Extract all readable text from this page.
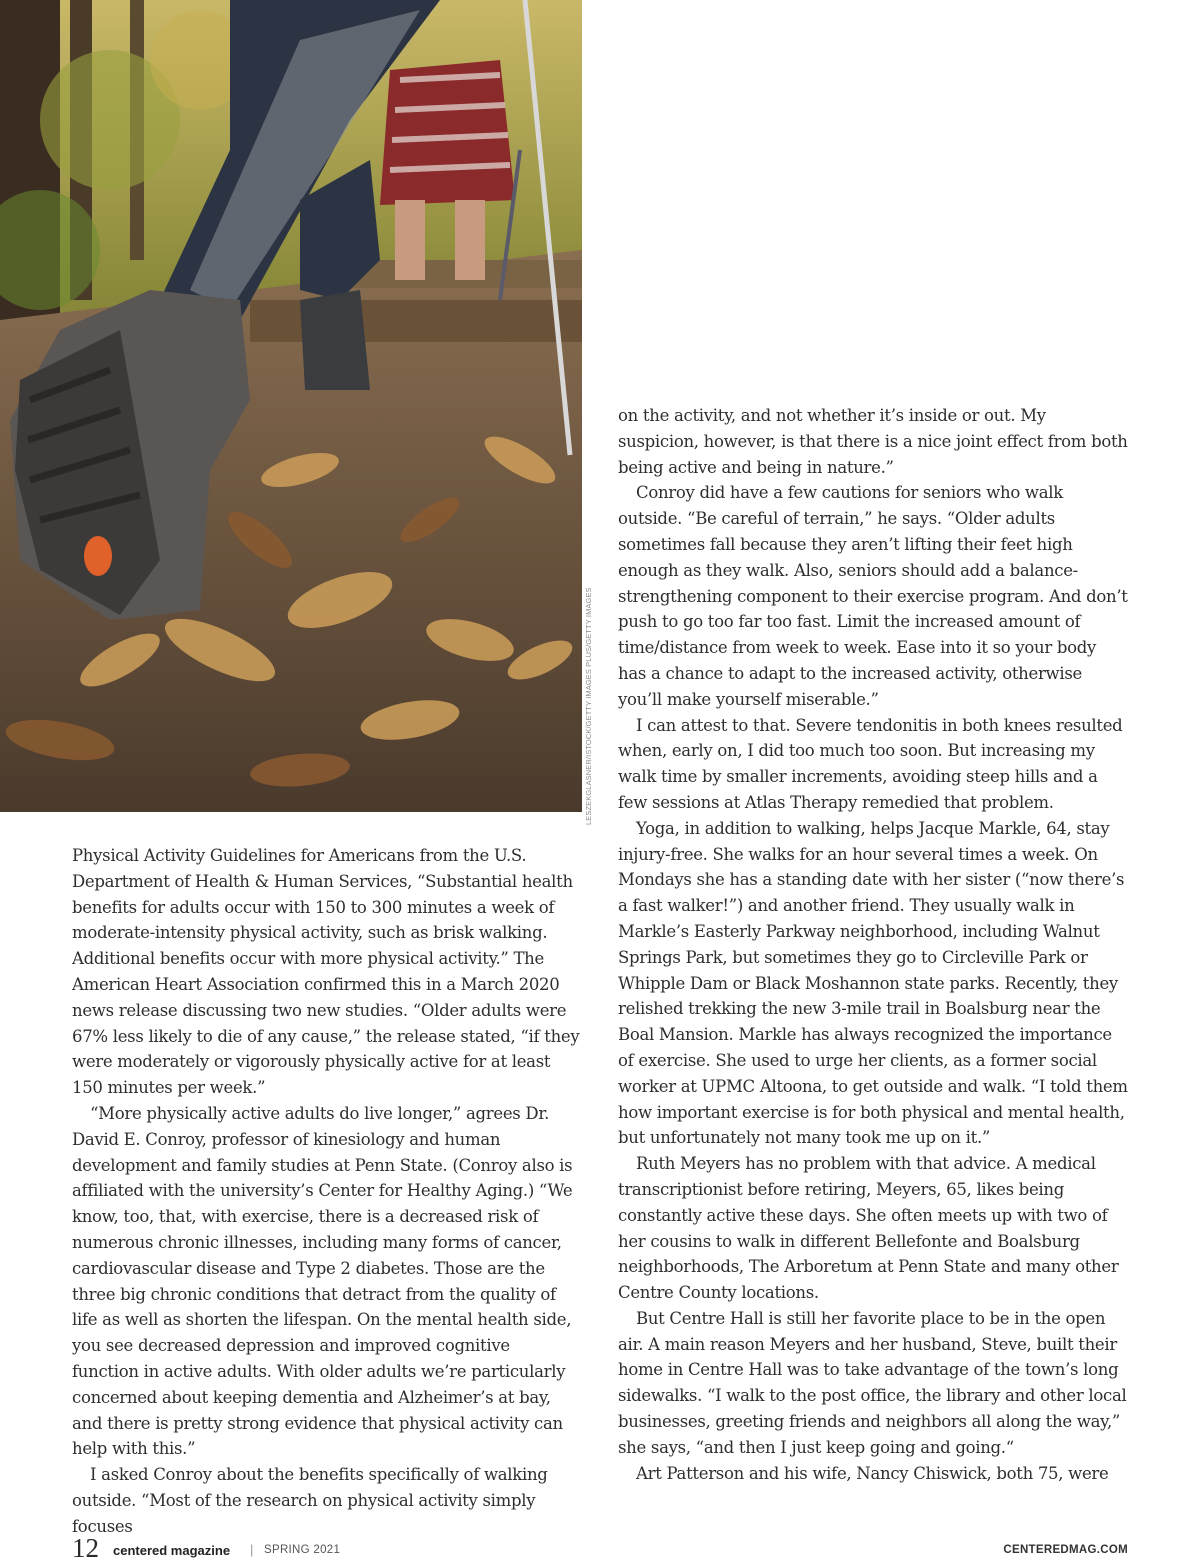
LESZEKGLASNER/ISTOCK/GETTY IMAGES PLUS/GETTY IMAGES

Physical Activity Guidelines for Americans from the U.S. Department of Health & Human Services, “Substantial health benefits for adults occur with 150 to 300 minutes a week of moderate-intensity physical activity, such as brisk walking. Additional benefits occur with more physical activity.” The American Heart Association confirmed this in a March 2020 news release discussing two new studies. “Older adults were 67% less likely to die of any cause,” the release stated, “if they were moderately or vigorously physically active for at least 150 minutes per week.”

“More physically active adults do live longer,” agrees Dr. David E. Conroy, professor of kinesiology and human development and family studies at Penn State. (Conroy also is affiliated with the university’s Center for Healthy Aging.) “We know, too, that, with exercise, there is a decreased risk of numerous chronic illnesses, including many forms of cancer, cardiovascular disease and Type 2 diabetes. Those are the three big chronic conditions that detract from the quality of life as well as shorten the lifespan. On the mental health side, you see decreased depression and improved cognitive function in active adults. With older adults we’re particularly concerned about keeping dementia and Alzheimer’s at bay, and there is pretty strong evidence that physical activity can help with this.”

I asked Conroy about the benefits specifically of walking outside. “Most of the research on physical activity simply focuses

on the activity, and not whether it’s inside or out. My suspicion, however, is that there is a nice joint effect from both being active and being in nature.”

Conroy did have a few cautions for seniors who walk outside. “Be careful of terrain,” he says. “Older adults sometimes fall because they aren’t lifting their feet high enough as they walk. Also, seniors should add a balance-strengthening component to their exercise program. And don’t push to go too far too fast. Limit the increased amount of time/distance from week to week. Ease into it so your body has a chance to adapt to the increased activity, otherwise you’ll make yourself miserable.”

I can attest to that. Severe tendonitis in both knees resulted when, early on, I did too much too soon. But increasing my walk time by smaller increments, avoiding steep hills and a few sessions at Atlas Therapy remedied that problem.

Yoga, in addition to walking, helps Jacque Markle, 64, stay injury-free. She walks for an hour several times a week. On Mondays she has a standing date with her sister (“now there’s a fast walker!”) and another friend. They usually walk in Markle’s Easterly Parkway neighborhood, including Walnut Springs Park, but sometimes they go to Circleville Park or Whipple Dam or Black Moshannon state parks. Recently, they relished trekking the new 3-mile trail in Boalsburg near the Boal Mansion. Markle has always recognized the importance of exercise. She used to urge her clients, as a former social worker at UPMC Altoona, to get outside and walk. “I told them how important exercise is for both physical and mental health, but unfortunately not many took me up on it.”

Ruth Meyers has no problem with that advice. A medical transcriptionist before retiring, Meyers, 65, likes being constantly active these days. She often meets up with two of her cousins to walk in different Bellefonte and Boalsburg neighborhoods, The Arboretum at Penn State and many other Centre County locations.

But Centre Hall is still her favorite place to be in the open air. A main reason Meyers and her husband, Steve, built their home in Centre Hall was to take advantage of the town’s long sidewalks. “I walk to the post office, the library and other local businesses, greeting friends and neighbors all along the way,” she says, “and then I just keep going and going.“

Art Patterson and his wife, Nancy Chiswick, both 75, were

12 centered magazine | SPRING 2021	CENTEREDMAG.COM
